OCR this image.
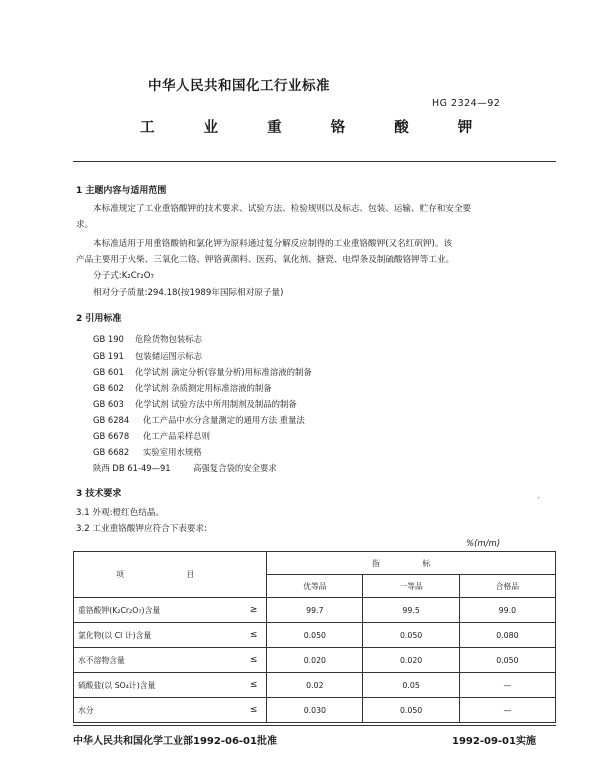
中华人民共和国化工行业标准
HG 2324—92
工 业 重 铬 酸 钾
1 主题内容与适用范围
本标准规定了工业重铬酸钾的技术要求、试验方法、检验规则以及标志、包装、运输、贮存和安全要
求。
本标准适用于用重铬酸钠和氯化钾为原料通过复分解反应制得的工业重铬酸钾(又名红矾钾)。该
产品主要用于火柴、三氧化二铬、钾铬黄颜料、医药、氧化剂、搪瓷、电焊条及制硫酸铬钾等工业。
分子式:K₂Cr₂O₇
相对分子质量:294.18(按1989年国际相对原子量)
2 引用标准
GB 190 危险货物包装标志
GB 191 包装储运图示标志
GB 601 化学试剂 滴定分析(容量分析)用标准溶液的制备
GB 602 化学试剂 杂质测定用标准溶液的制备
GB 603 化学试剂 试验方法中所用制剂及制品的制备
GB 6284 化工产品中水分含量测定的通用方法 重量法
GB 6678 化工产品采样总则
GB 6682 实验室用水规格
陕西 DB 61-49—91	高强复合袋的安全要求
3 技术要求
ˊ
3.1 外观:橙红色结晶。
3.2 工业重铬酸钾应符合下表要求:
%(m/m)
项 目		指 标		
		优等品	一等品	合格品
重铬酸钾(K₂Cr₂O₇)含量	≥	99.7	99.5	99.0
氯化物(以 Cl 计)含量	≤	0.050	0.050	0.080
水不溶物含量	≤	0.020	0.020	0.050
硫酸盐(以 SO₄计)含量	≤	0.02	0.05	—
水分	≤	0.030	0.050	—
中华人民共和国化学工业部1992-06-01批准	1992-09-01实施
